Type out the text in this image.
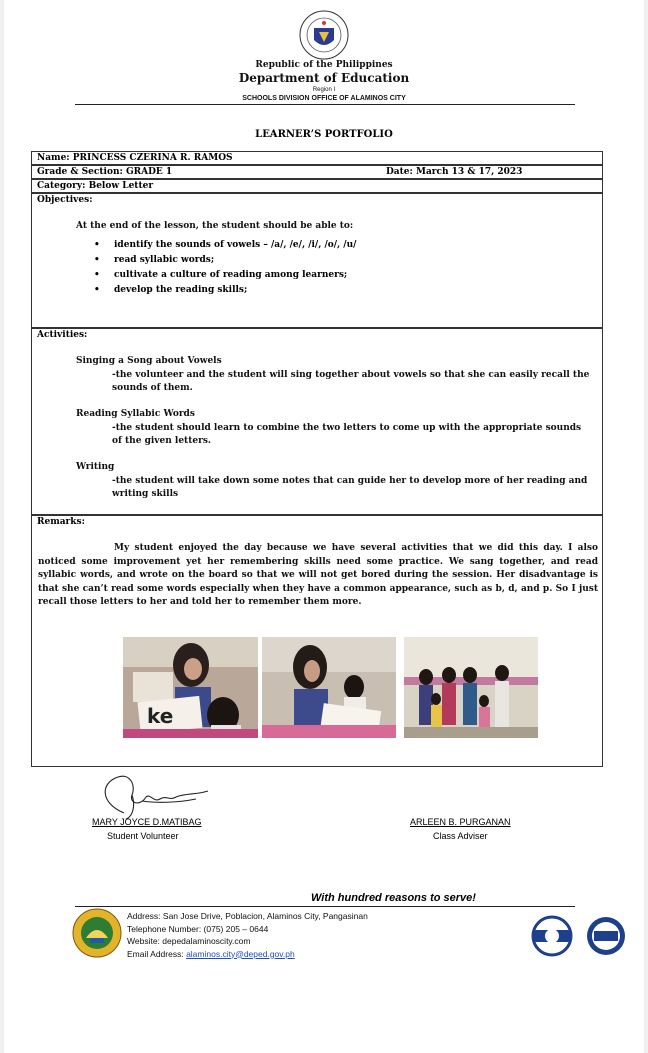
Republic of the Philippines
Department of Education
Region I
SCHOOLS DIVISION OFFICE OF ALAMINOS CITY
LEARNER’S PORTFOLIO
Name: PRINCESS CZERINA R. RAMOS
Grade & Section: GRADE 1	Date: March 13 & 17, 2023
Category: Below Letter
Objectives:
At the end of the lesson, the student should be able to:
• identify the sounds of vowels – /a/, /e/, /i/, /o/, /u/
• read syllabic words;
• cultivate a culture of reading among learners;
• develop the reading skills;
Activities:
Singing a Song about Vowels
-the volunteer and the student will sing together about vowels so that she can easily recall the sounds of them.
Reading Syllabic Words
-the student should learn to combine the two letters to come up with the appropriate sounds of the given letters.
Writing
-the student will take down some notes that can guide her to develop more of her reading and writing skills
Remarks:
My student enjoyed the day because we have several activities that we did this day. I also noticed some improvement yet her remembering skills need some practice. We sang together, and read syllabic words, and wrote on the board so that we will not get bored during the session. Her disadvantage is that she can’t read some words especially when they have a common appearance, such as b, d, and p. So I just recall those letters to her and told her to remember them more.
ke
MARY JOYCE D.MATIBAG
Student Volunteer
ARLEEN B. PURGANAN
Class Adviser
With hundred reasons to serve!
Address: San Jose Drive, Poblacion, Alaminos City, Pangasinan
Telephone Number: (075) 205 – 0644
Website: depedalaminoscity.com
Email Address: alaminos.city@deped.gov.ph
